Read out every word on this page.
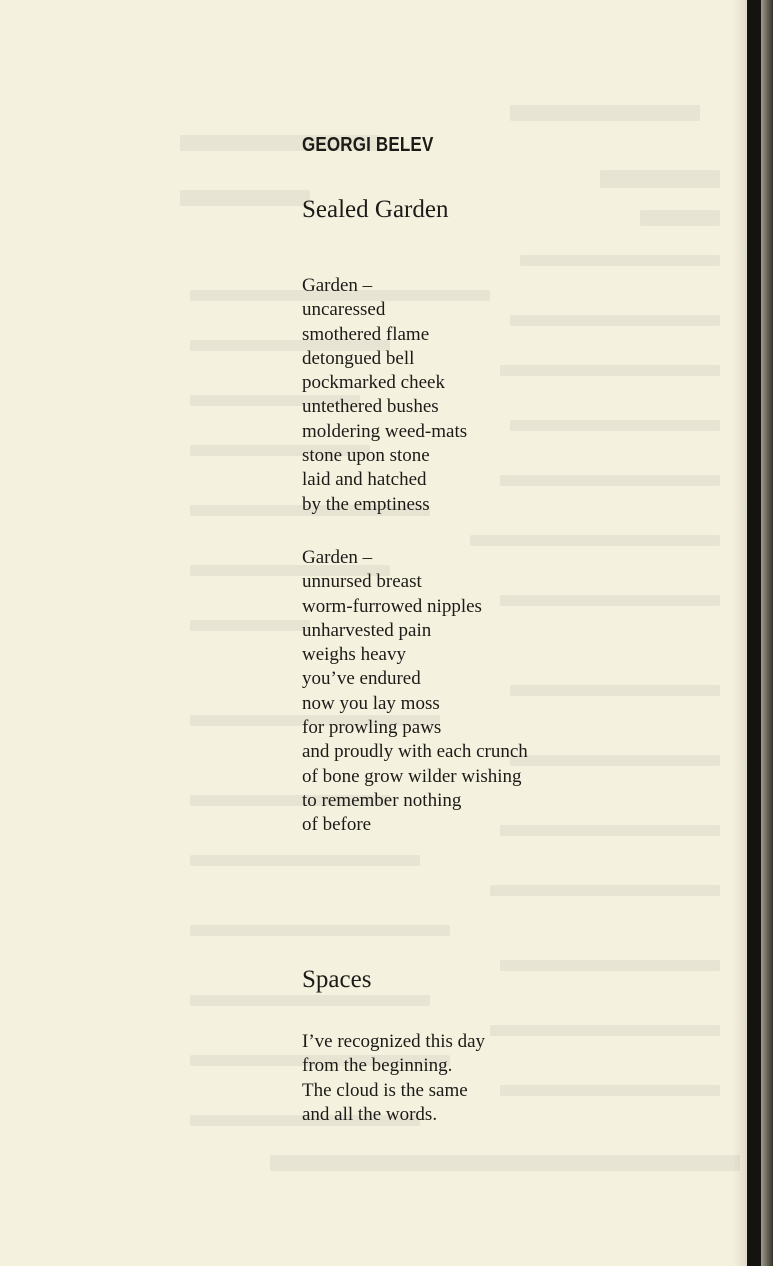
GEORGI BELEV
Sealed Garden

Garden –
uncaressed
smothered flame
detongued bell
pockmarked cheek
untethered bushes
moldering weed-mats
stone upon stone
laid and hatched
by the emptiness

Garden –
unnursed breast
worm-furrowed nipples
unharvested pain
weighs heavy
you’ve endured
now you lay moss
for prowling paws
and proudly with each crunch
of bone grow wilder wishing
to remember nothing
of before

Spaces

I’ve recognized this day
from the beginning.
The cloud is the same
and all the words.
